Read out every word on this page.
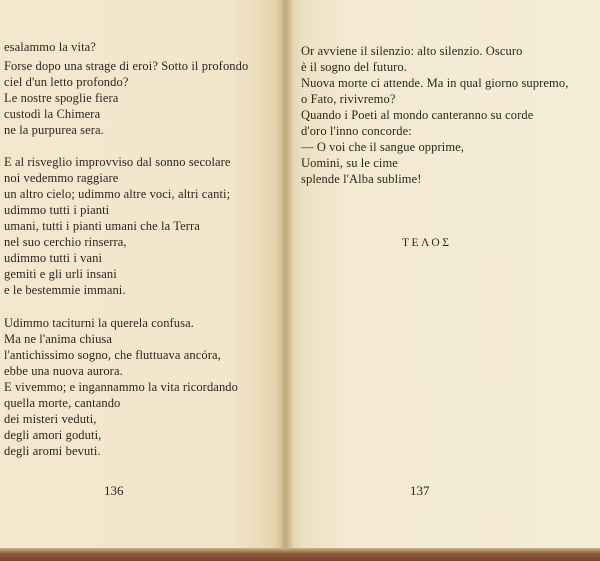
esalammo la vita?
Forse dopo una strage di eroi? Sotto il profondo
ciel d'un letto profondo?
Le nostre spoglie fiera
custodì la Chimera
ne la purpurea sera.
E al risveglio improvviso dal sonno secolare
noi vedemmo raggiare
un altro cielo; udimmo altre voci, altri canti;
udimmo tutti i pianti
umani, tutti i pianti umani che la Terra
nel suo cerchio rinserra,
udimmo tutti i vani
gemiti e gli urli insani
e le bestemmie immani.
Udimmo taciturni la querela confusa.
Ma ne l'anima chiusa
l'antichissimo sogno, che fluttuava ancóra,
ebbe una nuova aurora.
E vivemmo; e ingannammo la vita ricordando
quella morte, cantando
dei misteri veduti,
degli amori goduti,
degli aromi bevuti.
136
Or avviene il silenzio: alto silenzio. Oscuro
è il sogno del futuro.
Nuova morte ci attende. Ma in qual giorno supremo,
o Fato, rivivremo?
Quando i Poeti al mondo canteranno su corde
d'oro l'inno concorde:
— O voi che il sangue opprime,
Uomini, su le cime
splende l'Alba sublime!
ΤΕΛΟΣ
137
